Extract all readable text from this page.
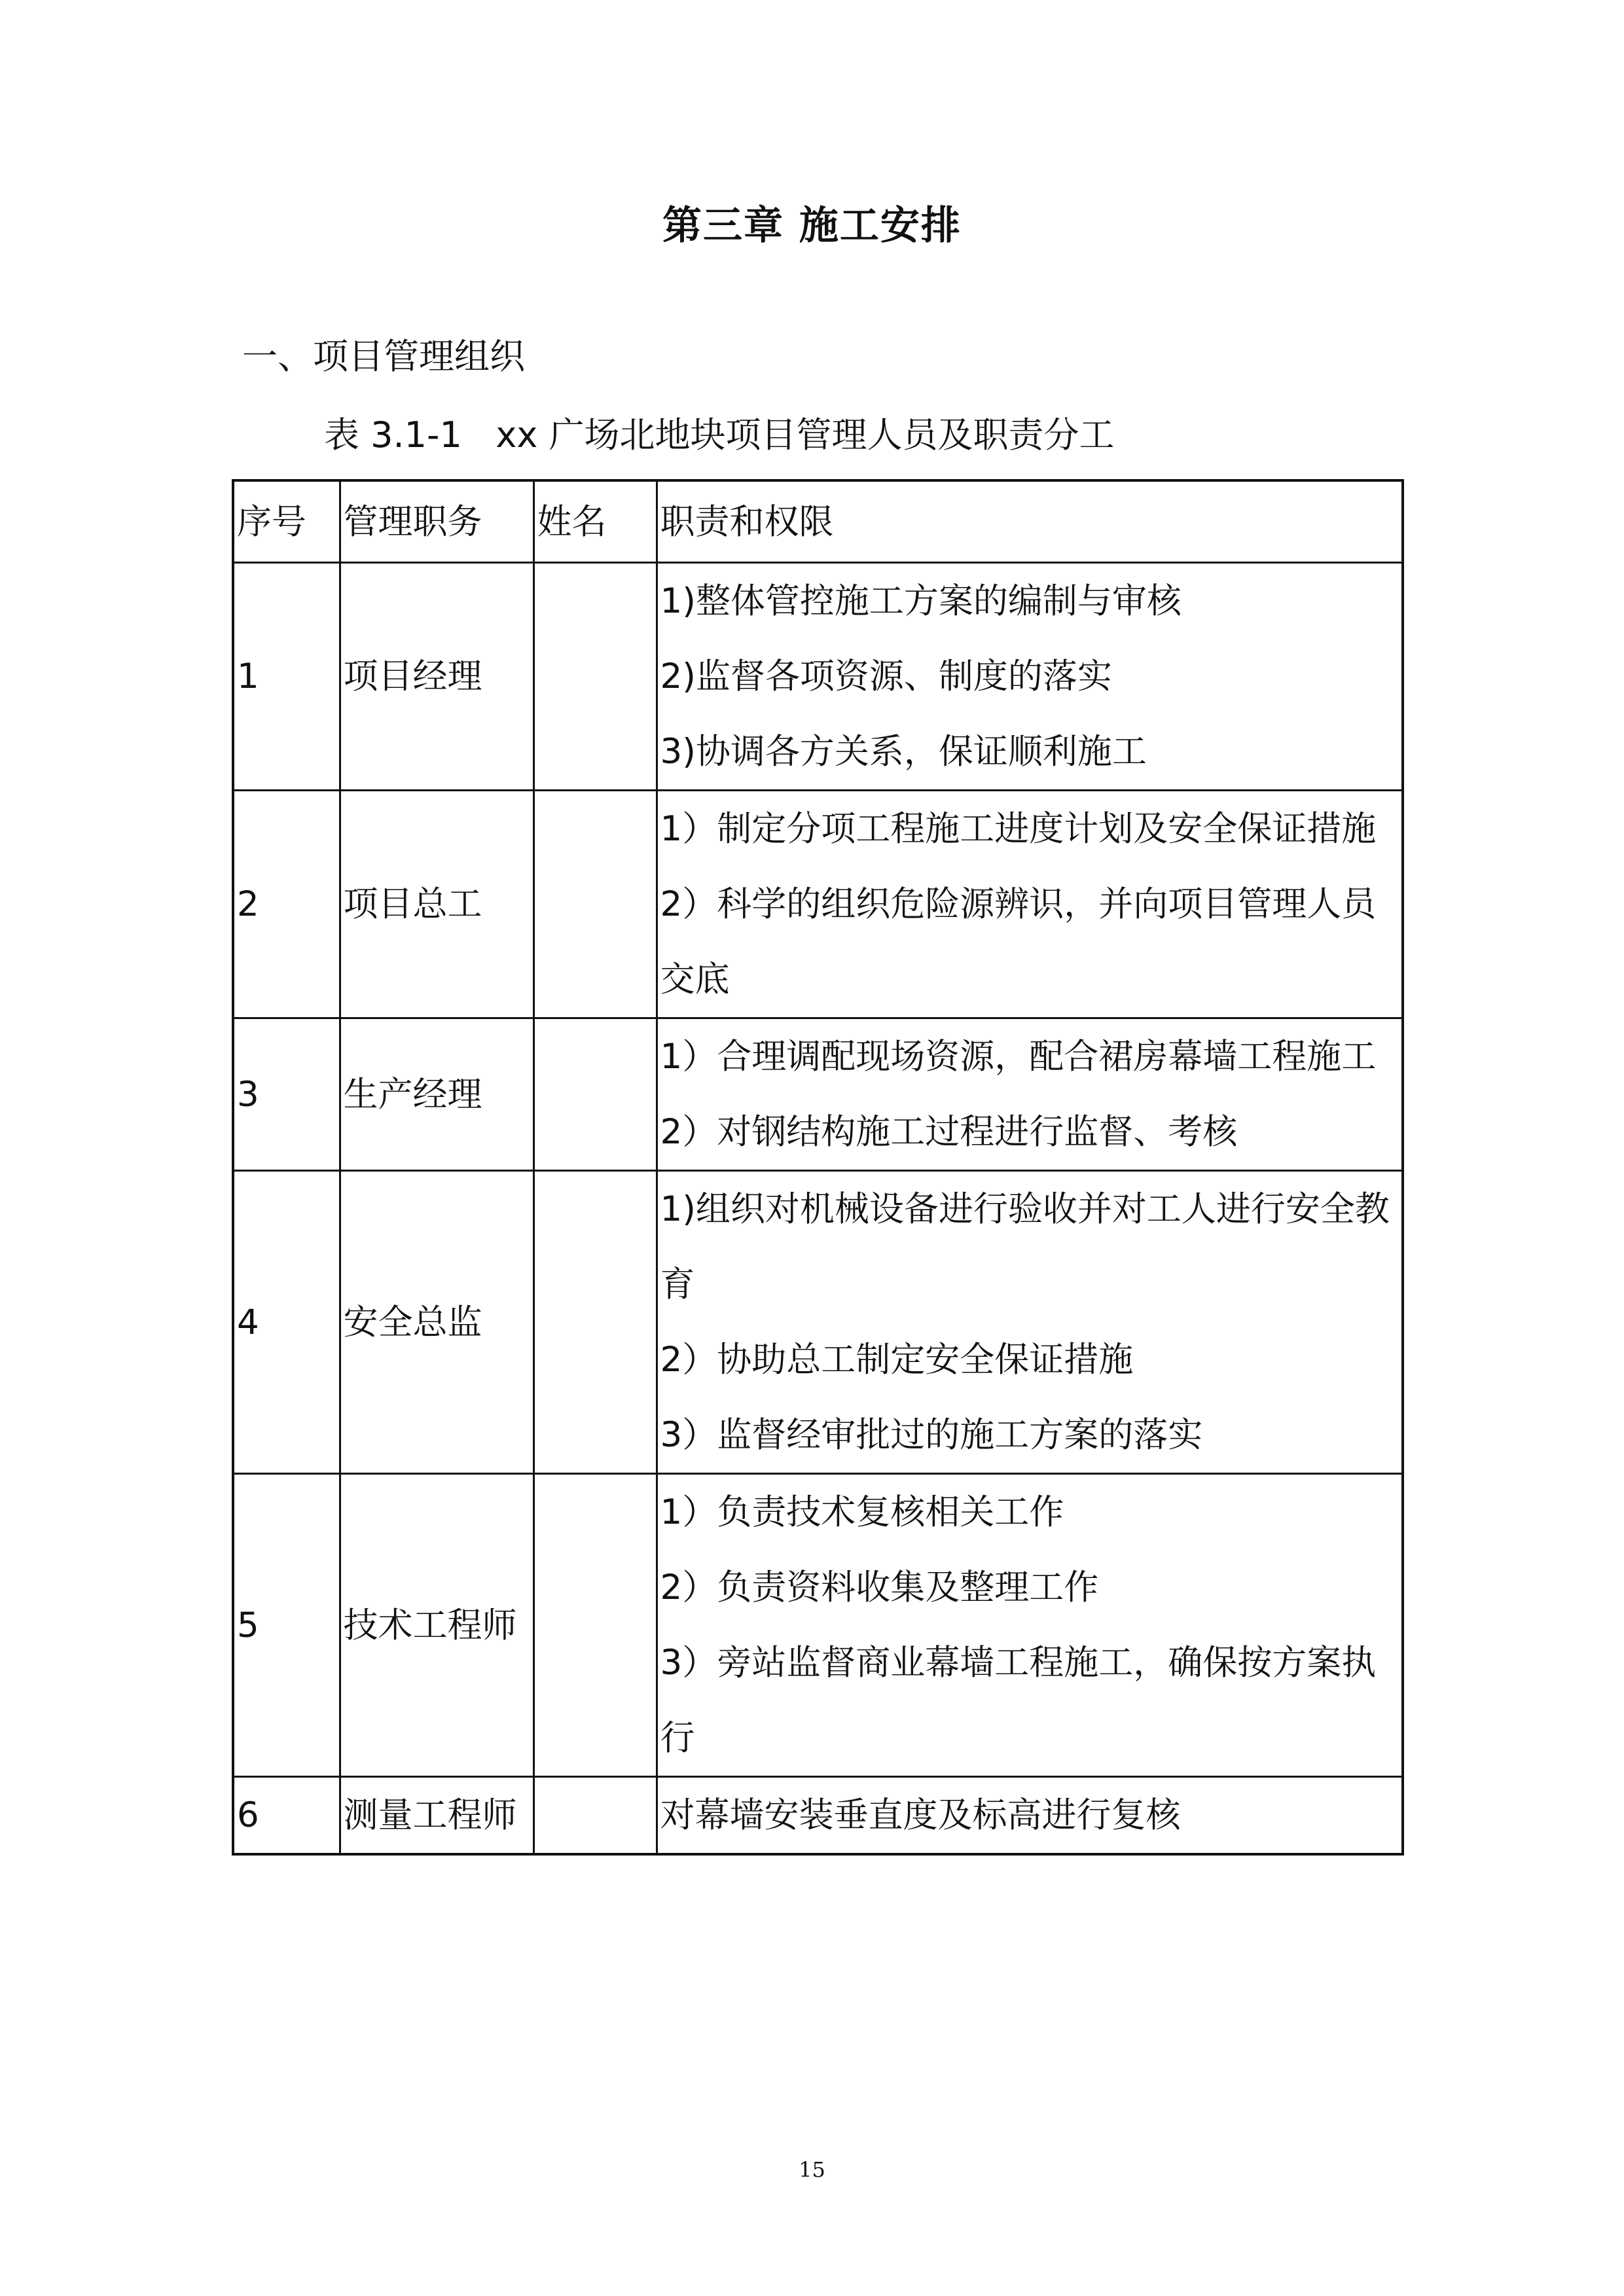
第三章 施工安排
一、项目管理组织
表 3.1-1   xx 广场北地块项目管理人员及职责分工
序号	管理职务	姓名	职责和权限
1	项目经理		1)整体管控施工方案的编制与审核
2)监督各项资源、制度的落实
3)协调各方关系，保证顺利施工

2	项目总工		1）制定分项工程施工进度计划及安全保证措施
2）科学的组织危险源辨识，并向项目管理人员交底

3	生产经理		1）合理调配现场资源，配合裙房幕墙工程施工
2）对钢结构施工过程进行监督、考核

4	安全总监		1)组织对机械设备进行验收并对工人进行安全教育
2）协助总工制定安全保证措施
3）监督经审批过的施工方案的落实

5	技术工程师		1）负责技术复核相关工作
2）负责资料收集及整理工作
3）旁站监督商业幕墙工程施工，确保按方案执行

6	测量工程师		对幕墙安装垂直度及标高进行复核
15
